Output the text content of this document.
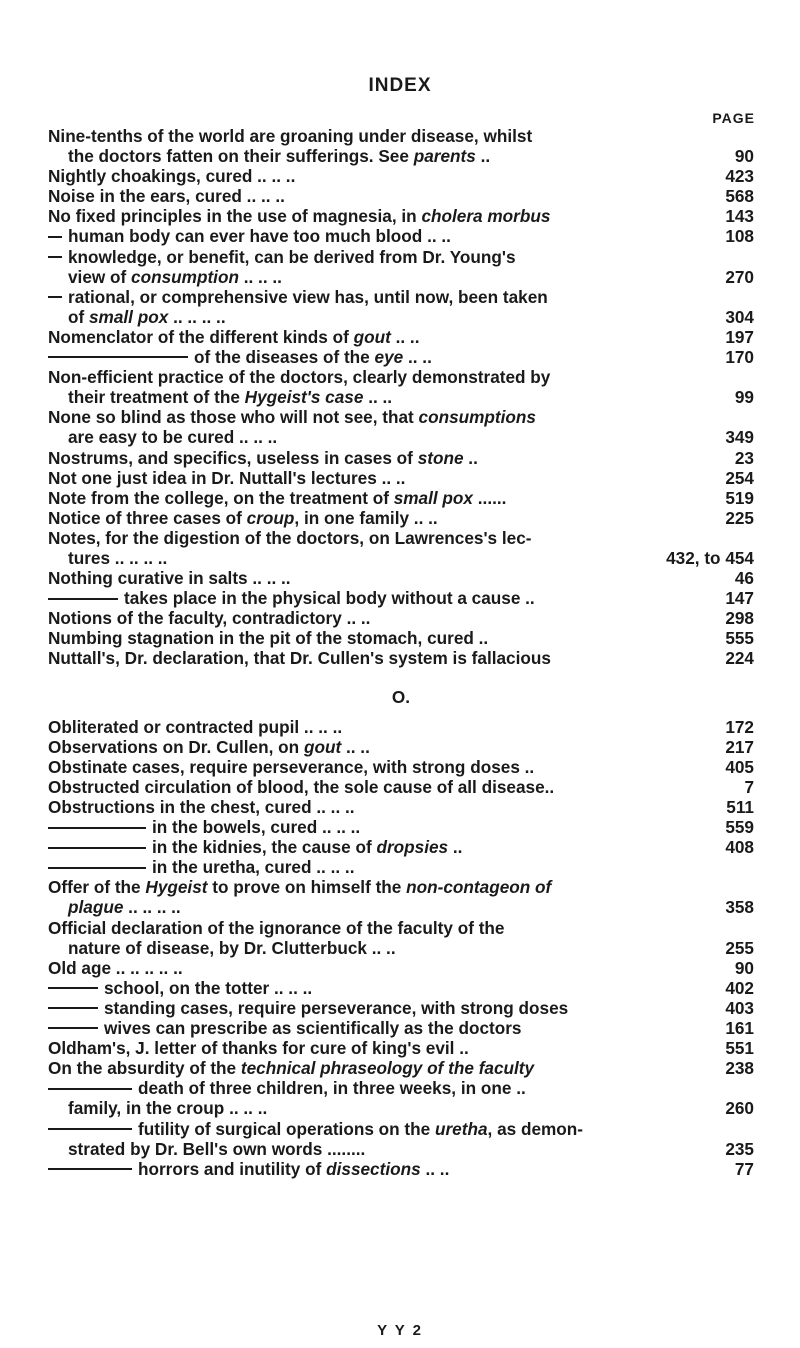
INDEX
PAGE
Nine-tenths of the world are groaning under disease, whilst
the doctors fatten on their sufferings. See parents ..	90
Nightly choakings, cured .. .. ..	423
Noise in the ears, cured .. .. ..	568
No fixed principles in the use of magnesia, in cholera morbus	143
human body can ever have too much blood .. ..	108
knowledge, or benefit, can be derived from Dr. Young's
view of consumption .. .. ..	270
rational, or comprehensive view has, until now, been taken
of small pox .. .. .. ..	304
Nomenclator of the different kinds of gout .. ..	197
of the diseases of the eye .. ..	170
Non-efficient practice of the doctors, clearly demonstrated by
their treatment of the Hygeist's case .. ..	99
None so blind as those who will not see, that consumptions
are easy to be cured .. .. ..	349
Nostrums, and specifics, useless in cases of stone ..	23
Not one just idea in Dr. Nuttall's lectures .. ..	254
Note from the college, on the treatment of small pox ......	519
Notice of three cases of croup, in one family .. ..	225
Notes, for the digestion of the doctors, on Lawrences's lec-
tures .. .. .. ..	432, to 454
Nothing curative in salts .. .. ..	46
takes place in the physical body without a cause ..	147
Notions of the faculty, contradictory .. ..	298
Numbing stagnation in the pit of the stomach, cured ..	555
Nuttall's, Dr. declaration, that Dr. Cullen's system is fallacious	224
O.
Obliterated or contracted pupil .. .. ..	172
Observations on Dr. Cullen, on gout .. ..	217
Obstinate cases, require perseverance, with strong doses ..	405
Obstructed circulation of blood, the sole cause of all disease..	7
Obstructions in the chest, cured .. .. ..	511
in the bowels, cured .. .. ..	559
in the kidnies, the cause of dropsies ..	408
in the uretha, cured .. .. ..
Offer of the Hygeist to prove on himself the non-contageon of
plague .. .. .. ..	358
Official declaration of the ignorance of the faculty of the
nature of disease, by Dr. Clutterbuck .. ..	255
Old age .. .. .. .. ..	90
school, on the totter .. .. ..	402
standing cases, require perseverance, with strong doses	403
wives can prescribe as scientifically as the doctors	161
Oldham's, J. letter of thanks for cure of king's evil ..	551
On the absurdity of the technical phraseology of the faculty	238
death of three children, in three weeks, in one ..
family, in the croup .. .. ..	260
futility of surgical operations on the uretha, as demon-
strated by Dr. Bell's own words ........	235
horrors and inutility of dissections .. ..	77
Y Y 2
